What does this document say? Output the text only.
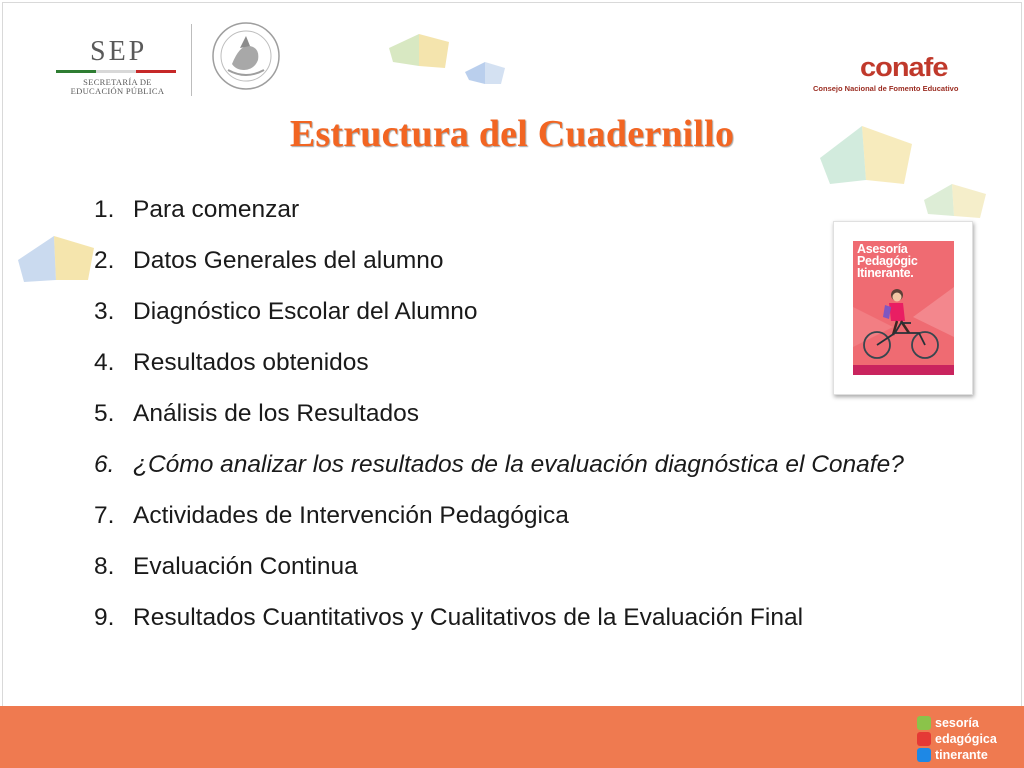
SEP
SECRETARÍA DE
EDUCACIÓN PÚBLICA
conafe
Consejo Nacional de Fomento Educativo
Estructura del Cuadernillo
1. Para comenzar
2. Datos Generales del alumno
3. Diagnóstico Escolar del Alumno
4. Resultados obtenidos
5. Análisis de los Resultados
6. ¿Cómo analizar los resultados de la evaluación diagnóstica el Conafe?
7. Actividades de Intervención Pedagógica
8. Evaluación Continua
9. Resultados Cuantitativos y Cualitativos de la Evaluación Final
Asesoría
Pedagógic
Itinerante.
sesoría
edagógica
tinerante
